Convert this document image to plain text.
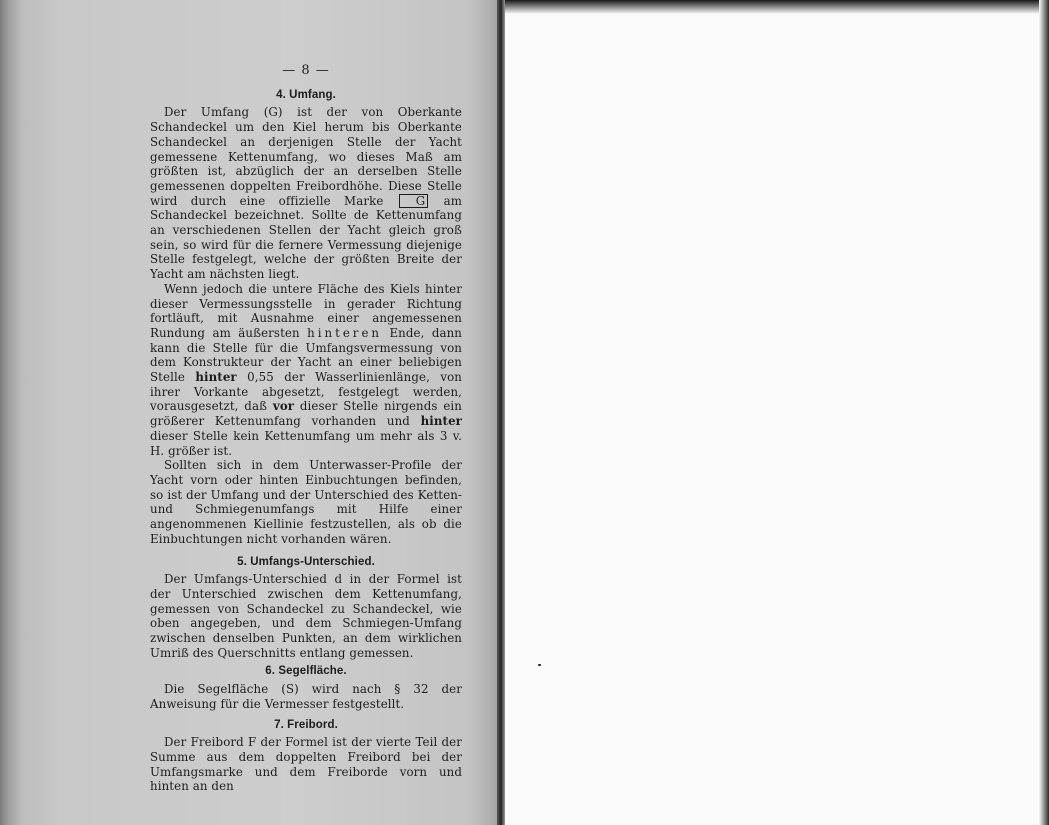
— 8 —
4. Umfang.

Der Umfang (G) ist der von Oberkante Schandeckel um den Kiel herum bis Oberkante Schandeckel an derjenigen Stelle der Yacht gemessene Kettenumfang, wo dieses Maß am größten ist, abzüglich der an derselben Stelle gemessenen doppelten Freibordhöhe. Diese Stelle wird durch eine offizielle Marke	G am Schandeckel bezeichnet. Sollte de Kettenumfang an verschiedenen Stellen der Yacht gleich groß sein, so wird für die fernere Vermessung diejenige Stelle festgelegt, welche der größten Breite der Yacht am nächsten liegt.

Wenn jedoch die untere Fläche des Kiels hinter dieser Vermessungsstelle in gerader Richtung fortläuft, mit Ausnahme einer angemessenen Rundung am äußersten hinteren Ende, dann kann die Stelle für die Umfangsvermessung von dem Konstrukteur der Yacht an einer beliebigen Stelle hinter 0,55 der Wasserlinienlänge, von ihrer Vorkante abgesetzt, festgelegt werden, vorausgesetzt, daß vor dieser Stelle nirgends ein größerer Kettenumfang vorhanden und hinter dieser Stelle kein Kettenumfang um mehr als 3 v. H. größer ist.

Sollten sich in dem Unterwasser-Profile der Yacht vorn oder hinten Einbuchtungen befinden, so ist der Umfang und der Unterschied des Ketten- und Schmiegenumfangs mit Hilfe einer angenommenen Kiellinie festzustellen, als ob die Einbuchtungen nicht vorhanden wären.

5. Umfangs-Unterschied.

Der Umfangs-Unterschied d in der Formel ist der Unterschied zwischen dem Kettenumfang, gemessen von Schandeckel zu Schandeckel, wie oben angegeben, und dem Schmiegen-Umfang zwischen denselben Punkten, an dem wirklichen Umriß des Querschnitts entlang gemessen.

6. Segelfläche.

Die Segelfläche (S) wird nach § 32 der Anweisung für die Vermesser festgestellt.

7. Freibord.

Der Freibord F der Formel ist der vierte Teil der Summe aus dem doppelten Freibord bei der Umfangsmarke und dem Freiborde vorn und hinten an den
